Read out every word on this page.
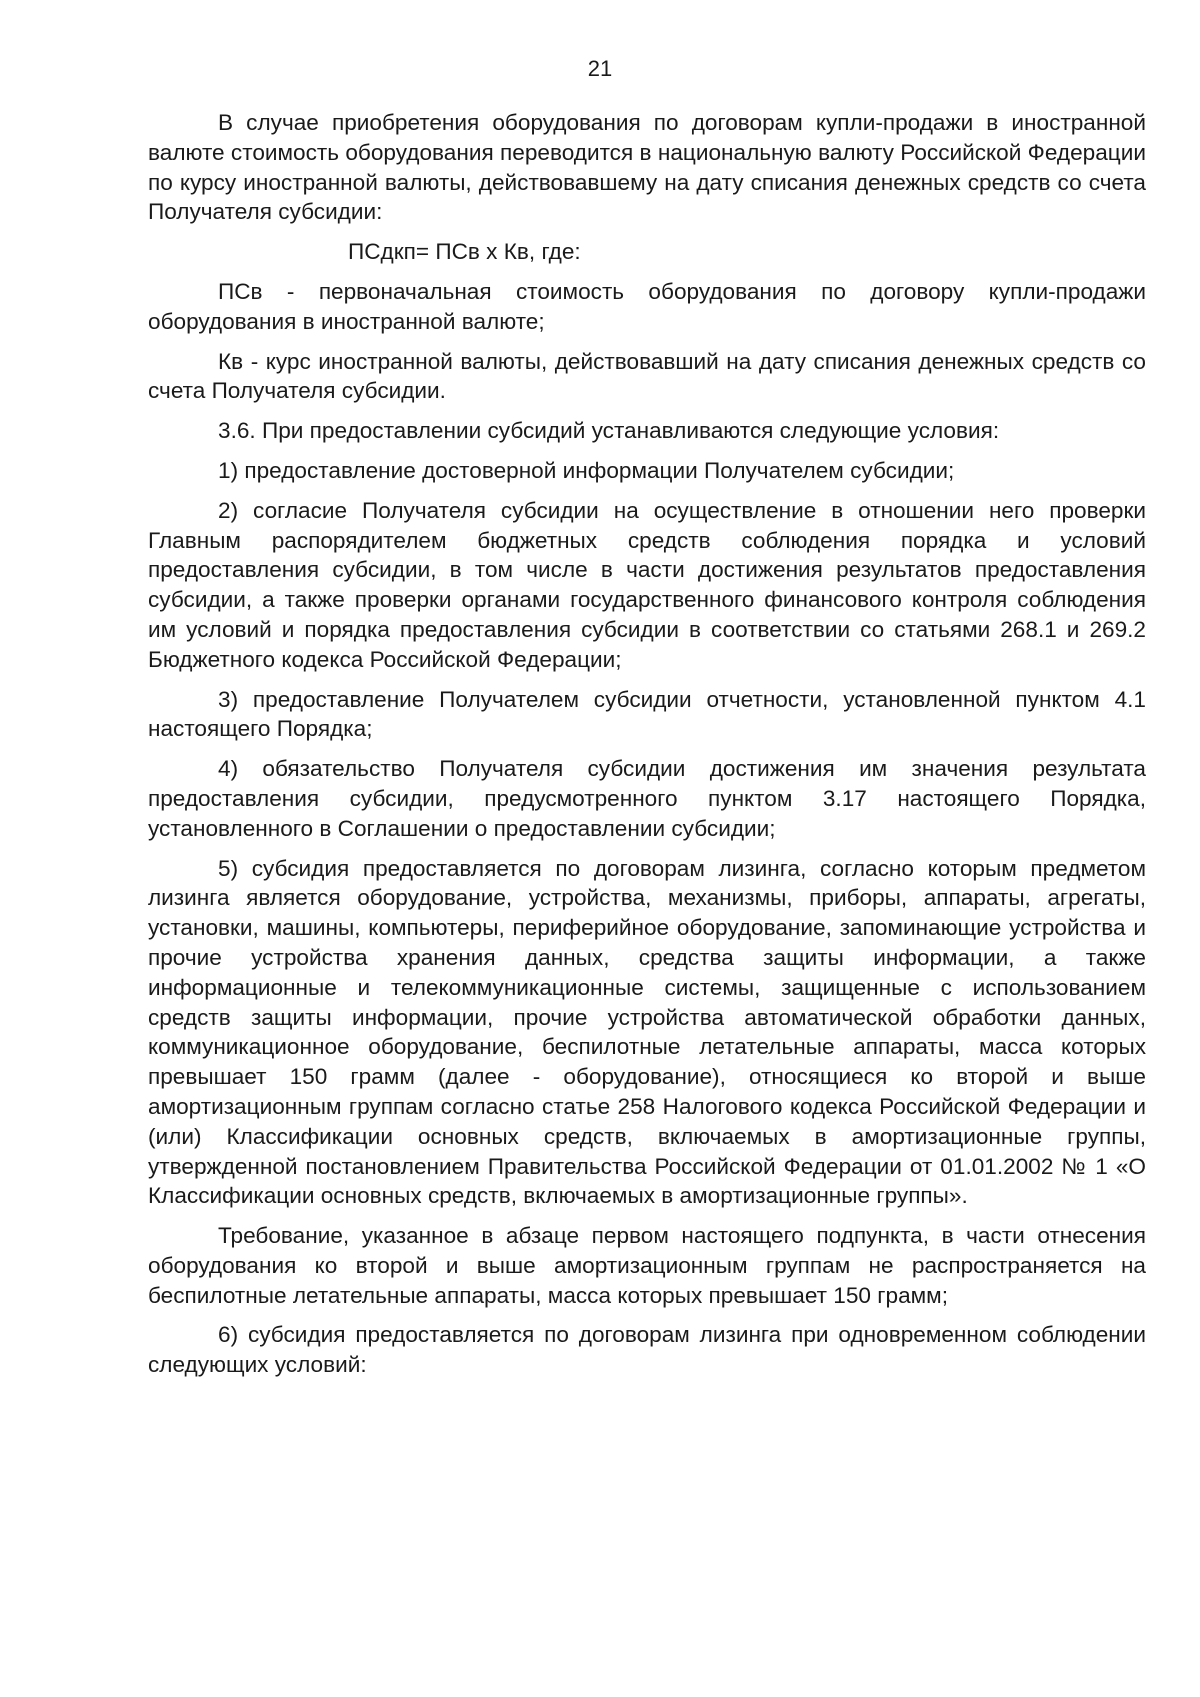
21

В случае приобретения оборудования по договорам купли-продажи в иностранной валюте стоимость оборудования переводится в национальную валюту Российской Федерации по курсу иностранной валюты, действовавшему на дату списания денежных средств со счета Получателя субсидии:

ПСдкп= ПСв х Кв, где:

ПСв - первоначальная стоимость оборудования по договору купли-продажи оборудования в иностранной валюте;

Кв - курс иностранной валюты, действовавший на дату списания денежных средств со счета Получателя субсидии.

3.6. При предоставлении субсидий устанавливаются следующие условия:

1) предоставление достоверной информации Получателем субсидии;

2) согласие Получателя субсидии на осуществление в отношении него проверки Главным распорядителем бюджетных средств соблюдения порядка и условий предоставления субсидии, в том числе в части достижения результатов предоставления субсидии, а также проверки органами государственного финансового контроля соблюдения им условий и порядка предоставления субсидии в соответствии со статьями 268.1 и 269.2 Бюджетного кодекса Российской Федерации;

3) предоставление Получателем субсидии отчетности, установленной пунктом 4.1 настоящего Порядка;

4) обязательство Получателя субсидии достижения им значения результата предоставления субсидии, предусмотренного пунктом 3.17 настоящего Порядка, установленного в Соглашении о предоставлении субсидии;

5) субсидия предоставляется по договорам лизинга, согласно которым предметом лизинга является оборудование, устройства, механизмы, приборы, аппараты, агрегаты, установки, машины, компьютеры, периферийное оборудование, запоминающие устройства и прочие устройства хранения данных, средства защиты информации, а также информационные и телекоммуникационные системы, защищенные с использованием средств защиты информации, прочие устройства автоматической обработки данных, коммуникационное оборудование, беспилотные летательные аппараты, масса которых превышает 150 грамм (далее - оборудование), относящиеся ко второй и выше амортизационным группам согласно статье 258 Налогового кодекса Российской Федерации и (или) Классификации основных средств, включаемых в амортизационные группы, утвержденной постановлением Правительства Российской Федерации от 01.01.2002 № 1 «О Классификации основных средств, включаемых в амортизационные группы».

Требование, указанное в абзаце первом настоящего подпункта, в части отнесения оборудования ко второй и выше амортизационным группам не распространяется на беспилотные летательные аппараты, масса которых превышает 150 грамм;

6) субсидия предоставляется по договорам лизинга при одновременном соблюдении следующих условий:
